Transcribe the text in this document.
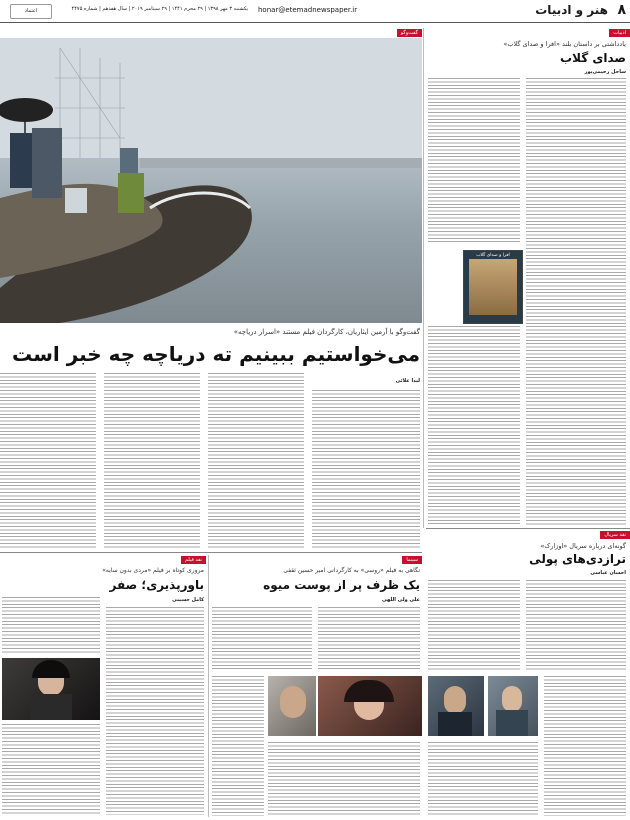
۸
هنر و ادبیات
honar@etemadnewspaper.ir
یکشنبه ۳ مهر ۱۳۹۸ | ۲۹ محرم ۱۴۴۱ | ۲۹ سپتامبر ۲۰۱۹ | سال هفدهم | شماره ۴۴۷۵
اعتماد
گفت‌وگو
گفت‌وگو با آرمین ایثاریان، کارگردان فیلم مستند «اسرار دریاچه»
می‌خواستیم ببینیم ته دریاچه چه خبر است
لیدا علائی
ادبیات
یادداشتی بر داستان بلند «افرا و صدای گلاب»
صدای گلاب
ساحل رحیمی‌پور
افرا و صدای گلاب
نقد سریال
گونه‌ای درباره سریال «اوزارک»
ترازدی‌های پولی
احسان عباسی
سینما
نگاهی به فیلم «روسی» به کارگردانی امیر حسین ثقفی
یک ظرف پر از پوست میوه
علی ولی اللهی
نقد فیلم
مروری کوتاه بر فیلم «مردی بدون سایه»
باورپذیری؛ صفر
کامل حسینی
